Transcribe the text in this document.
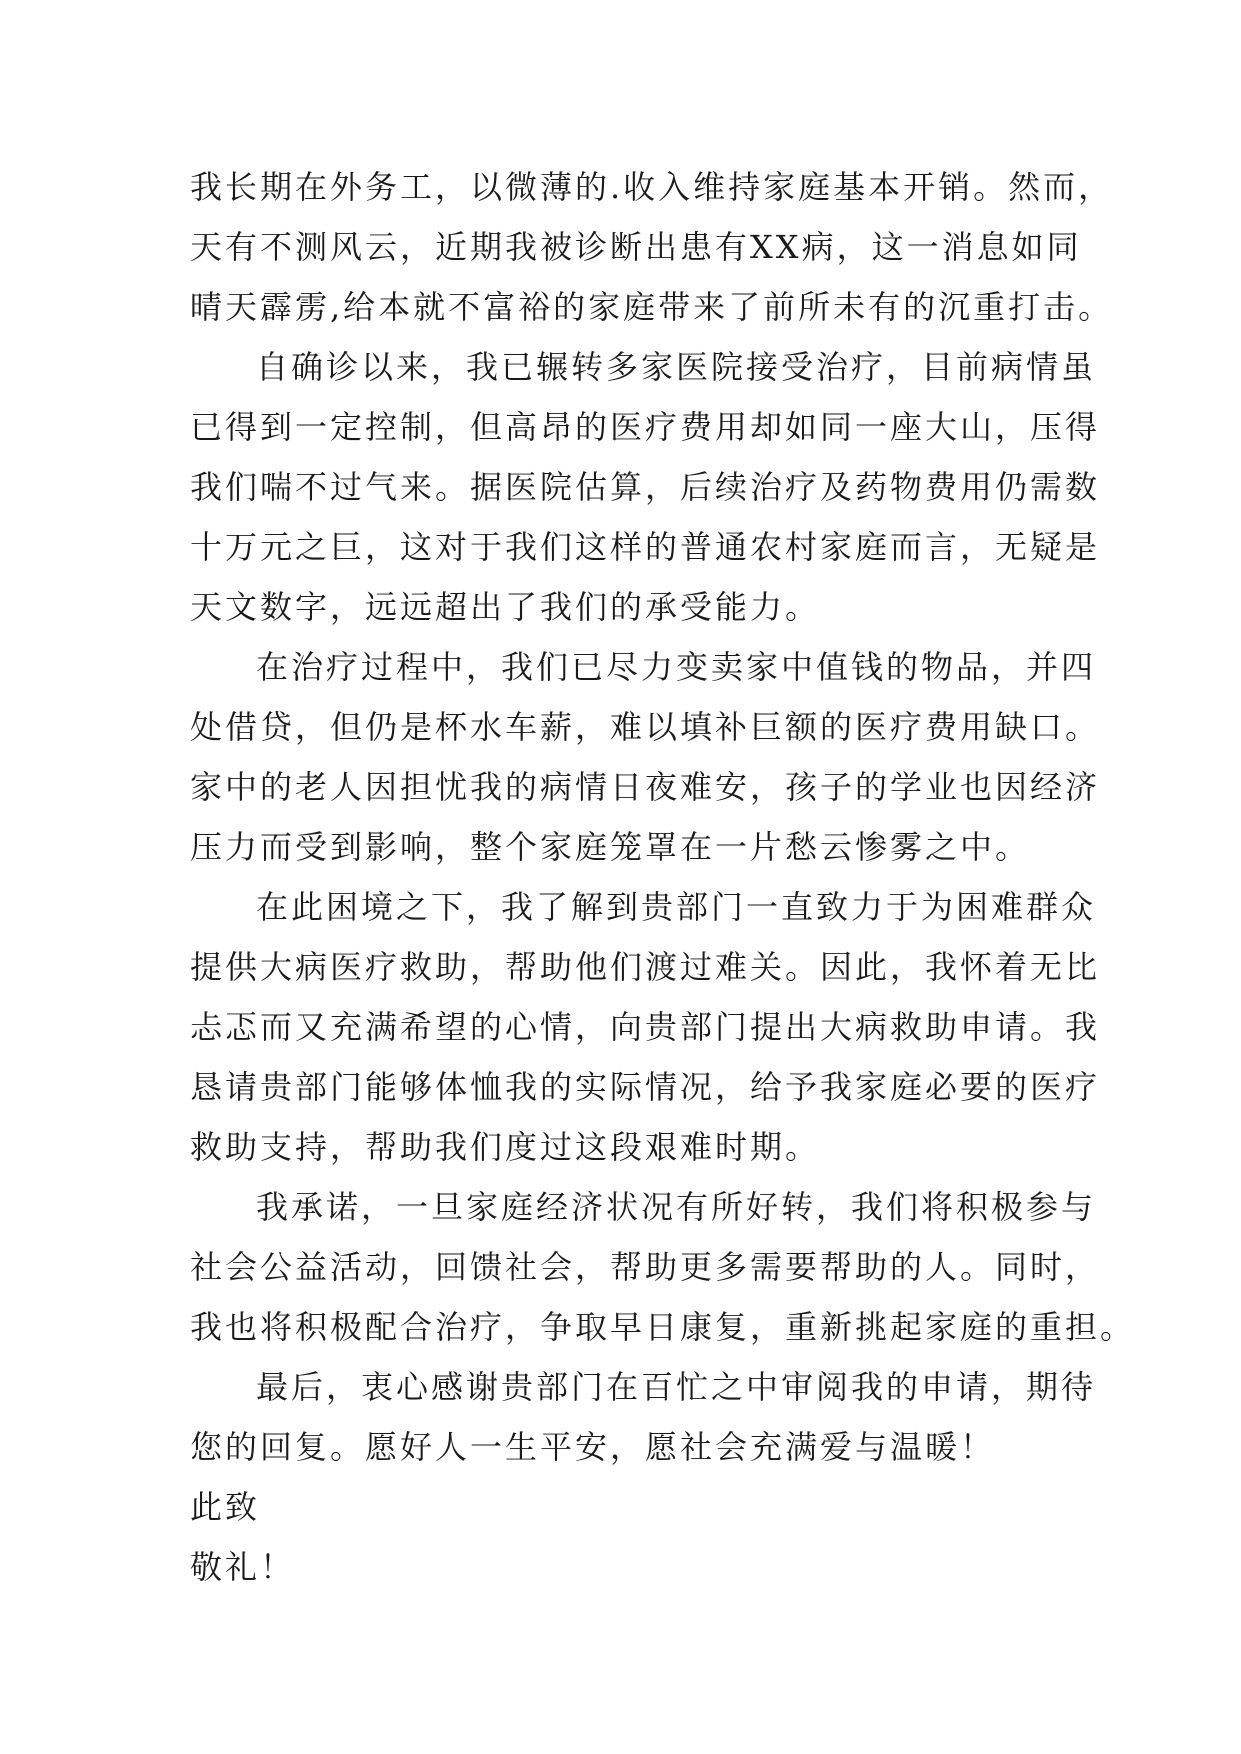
我长期在外务工，以微薄的.收入维持家庭基本开销。然而，
天有不测风云，近期我被诊断出患有XX病，这一消息如同
晴天霹雳,给本就不富裕的家庭带来了前所未有的沉重打击。
自确诊以来，我已辗转多家医院接受治疗，目前病情虽
已得到一定控制，但高昂的医疗费用却如同一座大山，压得
我们喘不过气来。据医院估算，后续治疗及药物费用仍需数
十万元之巨，这对于我们这样的普通农村家庭而言，无疑是
天文数字，远远超出了我们的承受能力。
在治疗过程中，我们已尽力变卖家中值钱的物品，并四
处借贷，但仍是杯水车薪，难以填补巨额的医疗费用缺口。
家中的老人因担忧我的病情日夜难安，孩子的学业也因经济
压力而受到影响，整个家庭笼罩在一片愁云惨雾之中。
在此困境之下，我了解到贵部门一直致力于为困难群众
提供大病医疗救助，帮助他们渡过难关。因此，我怀着无比
忐忑而又充满希望的心情，向贵部门提出大病救助申请。我
恳请贵部门能够体恤我的实际情况，给予我家庭必要的医疗
救助支持，帮助我们度过这段艰难时期。
我承诺，一旦家庭经济状况有所好转，我们将积极参与
社会公益活动，回馈社会，帮助更多需要帮助的人。同时，
我也将积极配合治疗，争取早日康复，重新挑起家庭的重担。
最后，衷心感谢贵部门在百忙之中审阅我的申请，期待
您的回复。愿好人一生平安，愿社会充满爱与温暖！
此致
敬礼！
